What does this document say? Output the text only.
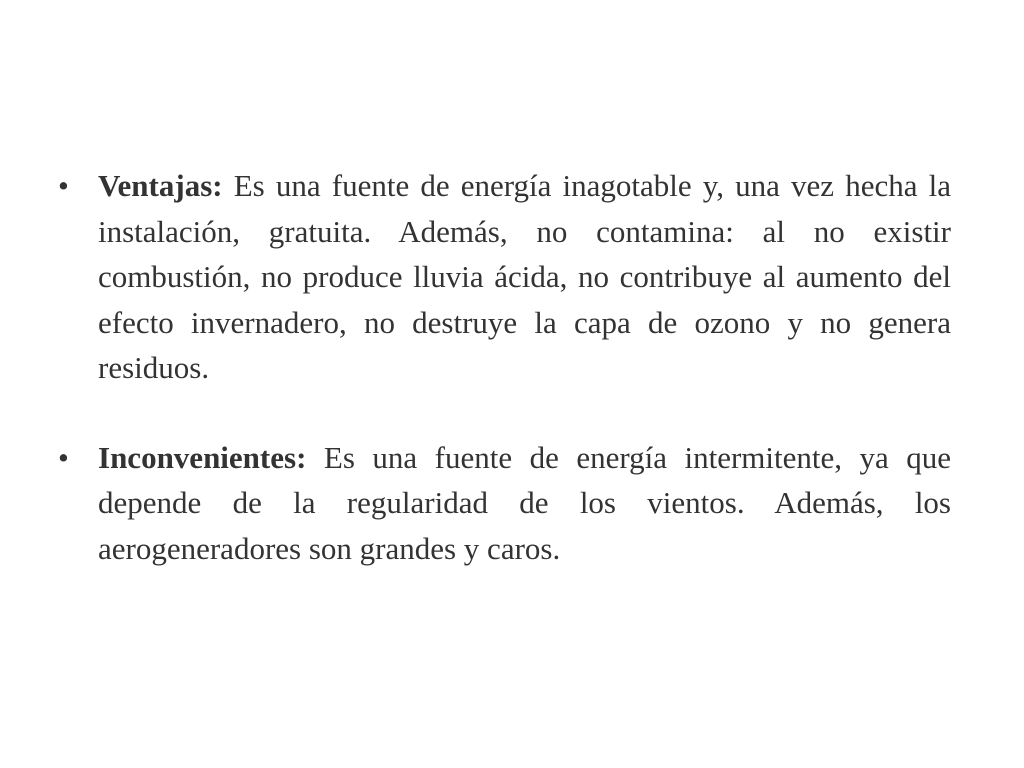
• Ventajas: Es una fuente de energía inagotable y, una vez hecha la instalación, gratuita. Además, no contamina: al no existir combustión, no produce lluvia ácida, no contribuye al aumento del efecto invernadero, no destruye la capa de ozono y no genera residuos.
• Inconvenientes: Es una fuente de energía intermitente, ya que depende de la regularidad de los vientos. Además, los aerogeneradores son grandes y caros.
